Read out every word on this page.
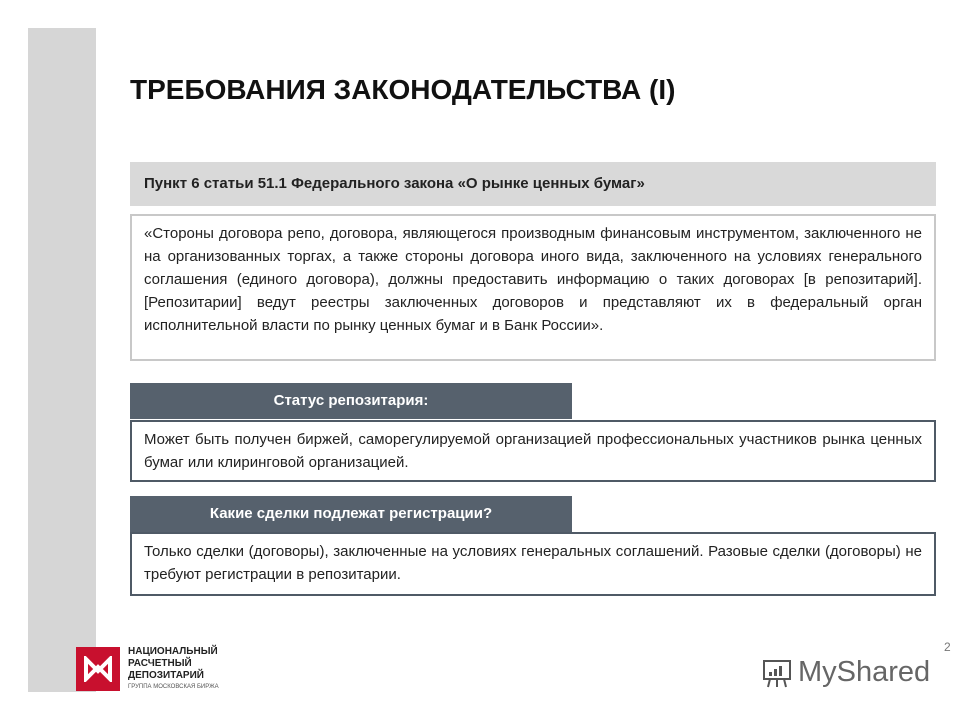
ТРЕБОВАНИЯ ЗАКОНОДАТЕЛЬСТВА (I)
Пункт 6 статьи 51.1 Федерального закона «О рынке ценных бумаг»
«Стороны договора репо, договора, являющегося производным финансовым инструментом, заключенного не на организованных торгах, а также стороны договора иного вида, заключенного на условиях генерального соглашения (единого договора), должны предоставить информацию о таких договорах [в репозитарий]. [Репозитарии] ведут реестры заключенных договоров и представляют их в федеральный орган исполнительной власти по рынку ценных бумаг и в Банк России».
Статус репозитария:
Может быть получен биржей, саморегулируемой организацией профессиональных участников рынка ценных бумаг или клиринговой организацией.
Какие сделки подлежат регистрации?
Только сделки (договоры), заключенные на условиях генеральных соглашений. Разовые сделки (договоры) не требуют регистрации в репозитарии.
НАЦИОНАЛЬНЫЙ
РАСЧЕТНЫЙ
ДЕПОЗИТАРИЙ
ГРУППА МОСКОВСКАЯ БИРЖА	MyShared
2
